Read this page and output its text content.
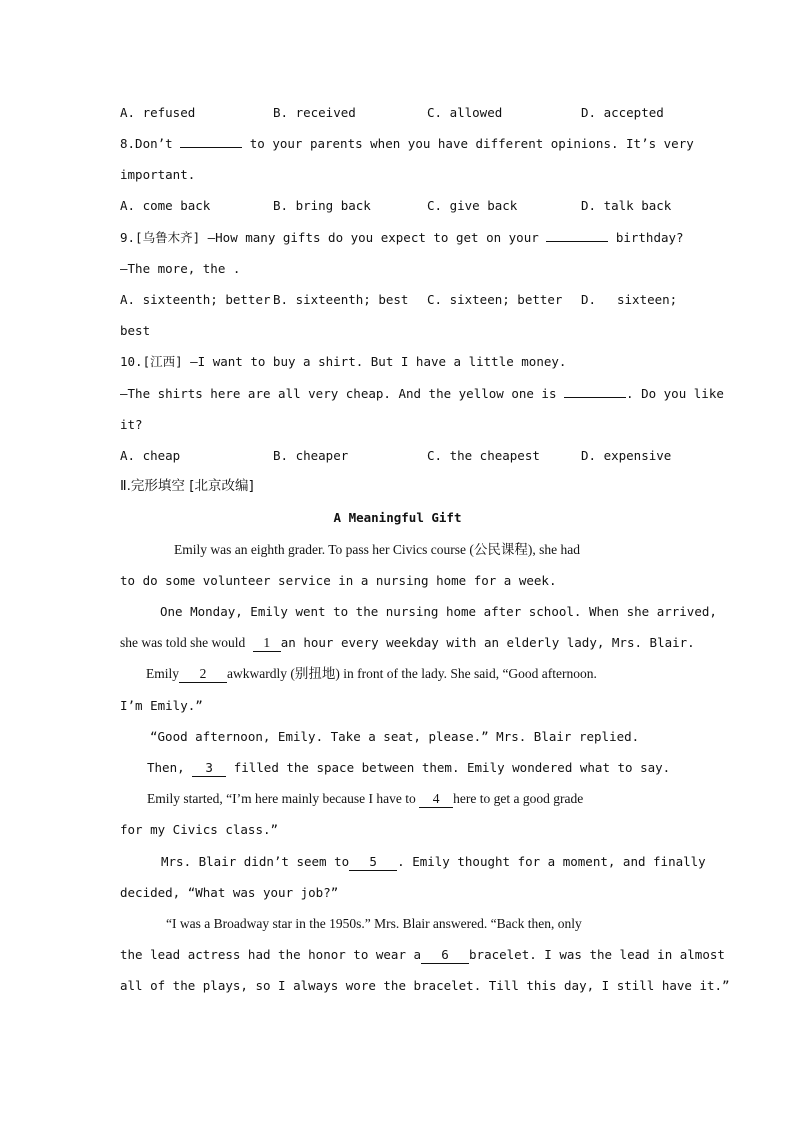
A. refused	B. received	C. allowed	D. accepted
8.Don’t	to your parents when you have different opinions. It’s very
important.
A. come back	B. bring back	C. give back	D. talk back
9.[乌鲁木齐] —How many gifts do you expect to get on your	birthday?
—The more, the .
A. sixteenth; better B. sixteenth; best C. sixteen; better D. sixteen;
best
10.[江西] —I want to buy a shirt. But I have a little money.
—The shirts here are all very cheap. And the yellow one is	. Do you like
it?
A. cheap	B. cheaper	C. the cheapest	D. expensive
Ⅱ.完形填空 [北京改编]
A Meaningful Gift
Emily was an eighth grader. To pass her Civics course (公民课程), she had
to do some volunteer service in a nursing home for a week.
One Monday, Emily went to the nursing home after school. When she arrived,
she was told she would 1 an hour every weekday with an elderly lady, Mrs. Blair.
Emily 2 awkwardly (别扭地) in front of the lady. She said, “Good afternoon.
I’m Emily.”
“Good afternoon, Emily. Take a seat, please.” Mrs. Blair replied.
Then, 3 filled the space between them. Emily wondered what to say.
Emily started, “I’m here mainly because I have to 4 here to get a good grade
for my Civics class.”
Mrs. Blair didn’t seem to 5 . Emily thought for a moment, and finally
decided, “What was your job?”
“I was a Broadway star in the 1950s.” Mrs. Blair answered. “Back then, only
the lead actress had the honor to wear a 6 bracelet. I was the lead in almost
all of the plays, so I always wore the bracelet. Till this day, I still have it.”
